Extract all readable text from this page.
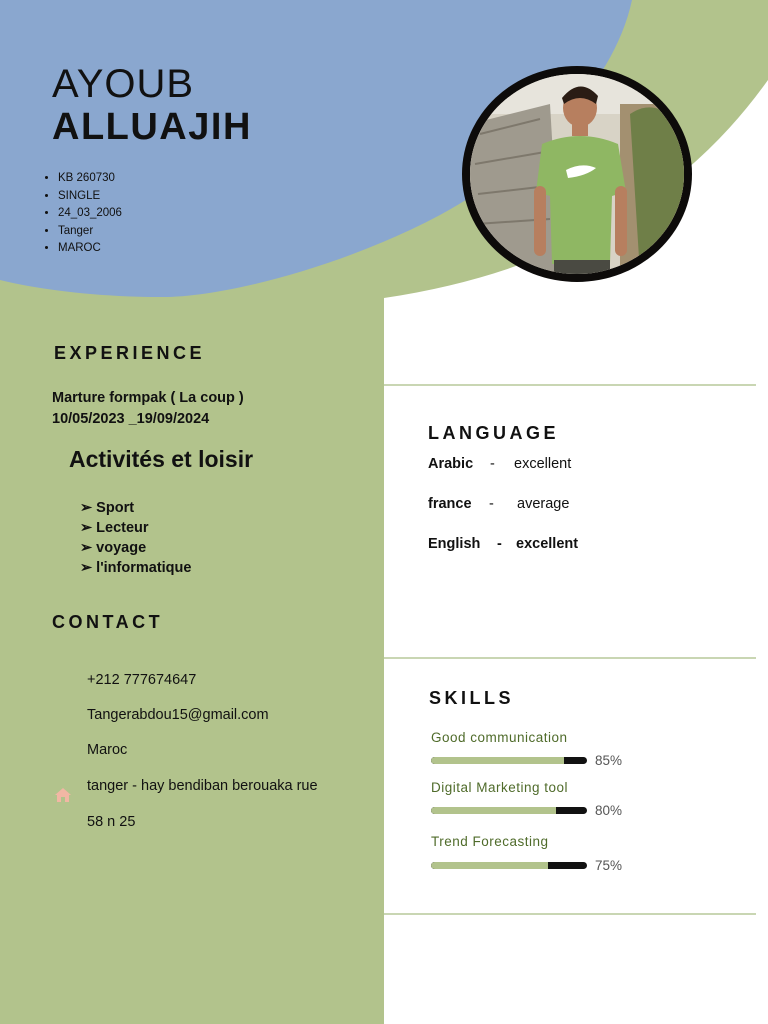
AYOUB
ALLUAJIH
• KB 260730
• SINGLE
• 24_03_2006
• Tanger
• MAROC
EXPERIENCE
Marture formpak ( La coup )
10/05/2023 _19/09/2024
Activités et loisir
➢ Sport
➢ Lecteur
➢ voyage
➢ l'informatique
CONTACT
+212 777674647
Tangerabdou15@gmail.com
Maroc
tanger - hay bendiban berouaka rue
58 n 25
LANGUAGE
Arabic - excellent
france - average
English - excellent
SKILLS
Good communication
85%
Digital Marketing tool
80%
Trend Forecasting
75%
